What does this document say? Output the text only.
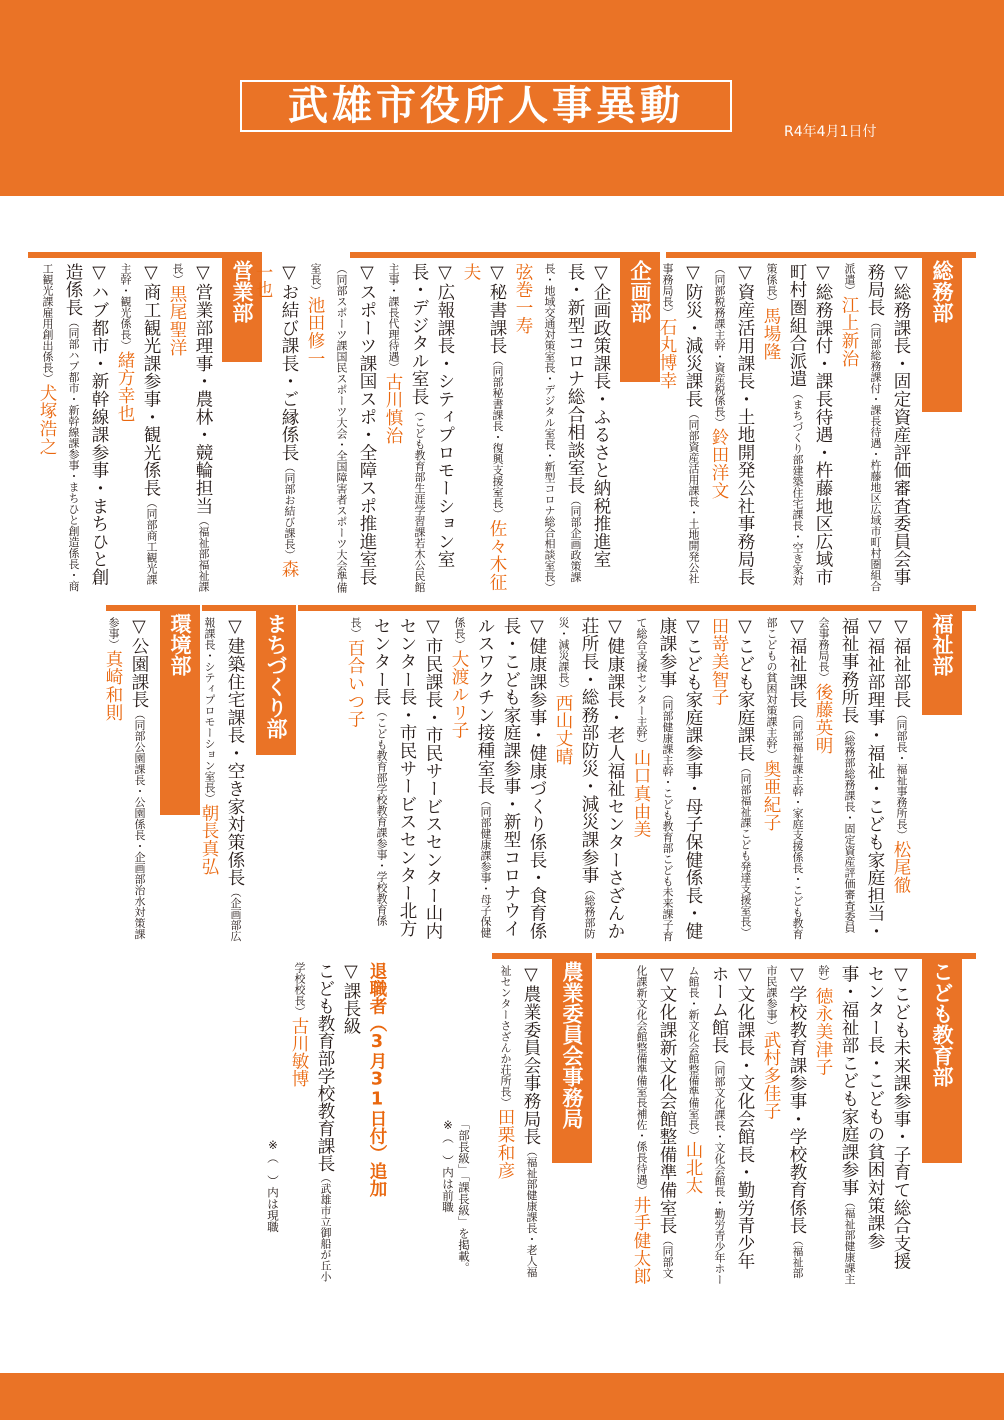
武雄市役所人事異動
R4年4月1日付
総務部
企画部
営業部
福祉部
まちづくり部
環境部
こども教育部
農業委員会事務局
▽総務課長・固定資産評価審査委員会事務局長（同部総務課付・課長待遇・杵藤地区広域市町村圏組合派遣）江上新治
▽総務課付・課長待遇・杵藤地区広域市町村圏組合派遣（まちづくり部建築住宅課長・空き家対策係長）馬場隆
▽資産活用課長・土地開発公社事務局長（同部税務課主幹・資産税係長）鈴田洋文
▽防災・減災課長（同部資産活用課長・土地開発公社事務局長）石丸博幸
▽企画政策課長・ふるさと納税推進室長・新型コロナ総合相談室長（同部企画政策課長・地域交通対策室長・デジタル室長・新型コロナ総合相談室長）弦巻一寿
▽秘書課長（同部秘書課長・復興支援室長）佐々木征夫
▽広報課長・シティプロモーション室長・デジタル室長（こども教育部生涯学習課若木公民館主事・課長代理待遇）古川慎治
▽スポーツ課国スポ・全障スポ推進室長（同部スポーツ課国民スポーツ大会・全国障害者スポーツ大会準備室長）池田修一
▽お結び課長・ご縁係長（同部お結び課長）森一也
▽営業部理事・農林・競輪担当（福祉部福祉課長）黒尾聖洋
▽商工観光課参事・観光係長（同部商工観光課主幹・観光係長）緒方幸也
▽ハブ都市・新幹線課参事・まちひと創造係長（同部ハブ都市・新幹線課参事・まちひと創造係長・商工観光課雇用創出係長）犬塚浩之
▽福祉部長（同部長・福祉事務所長）松尾徹
▽福祉部理事・福祉・こども家庭担当・福祉事務所長（総務部総務課長・固定資産評価審査委員会事務局長）後藤英明
▽福祉課長（同部福祉課主幹・家庭支援係長・こども教育部こどもの貧困対策課主幹）奥亜紀子
▽こども家庭課長（同部福祉課こども発達支援室長）田嵜美智子
▽こども家庭課参事・母子保健係長・健康課参事（同部健康課主幹・こども教育部こども未来課子育て総合支援センター主幹）山口真由美
▽健康課長・老人福祉センターさざんか荘所長・総務部防災・減災課参事（総務部防災・減災課長）西山丈晴
▽健康課参事・健康づくり係長・食育係長・こども家庭課参事・新型コロナウイルスワクチン接種室長（同部健康課参事・母子保健係長）大渡ルリ子
▽市民課長・市民サービスセンター山内センター長・市民サービスセンター北方センター長（こども教育部学校教育課参事・学校教育係長）百合いつ子
▽建築住宅課長・空き家対策係長（企画部広報課長・シティプロモーション室長）朝長真弘
▽公園課長（同部公園課長・公園係長・企画部治水対策課参事）真崎和則
▽こども未来課参事・子育て総合支援センター長・こどもの貧困対策課参事・福祉部こども家庭課参事（福祉部健康課主幹）徳永美津子
▽学校教育課参事・学校教育係長（福祉部市民課参事）武村多佳子
▽文化課長・文化会館長・勤労青少年ホーム館長（同部文化課長・文化会館長・勤労青少年ホーム館長・新文化会館整備準備室長）山北太
▽文化課新文化会館整備準備室長（同部文化課新文化会館整備準備室長補佐・係長待遇）井手健太郎
▽農業委員会事務局長（福祉部健康課長・老人福祉センターさざんか荘所長）田栗和彦
「部長級」「課長級」を掲載。
※（　）内は前職
退職者（3月31日付）追加
▽課長級
こども教育部学校教育課長（武雄市立御船が丘小学校校長）古川敏博
※（　）内は現職
